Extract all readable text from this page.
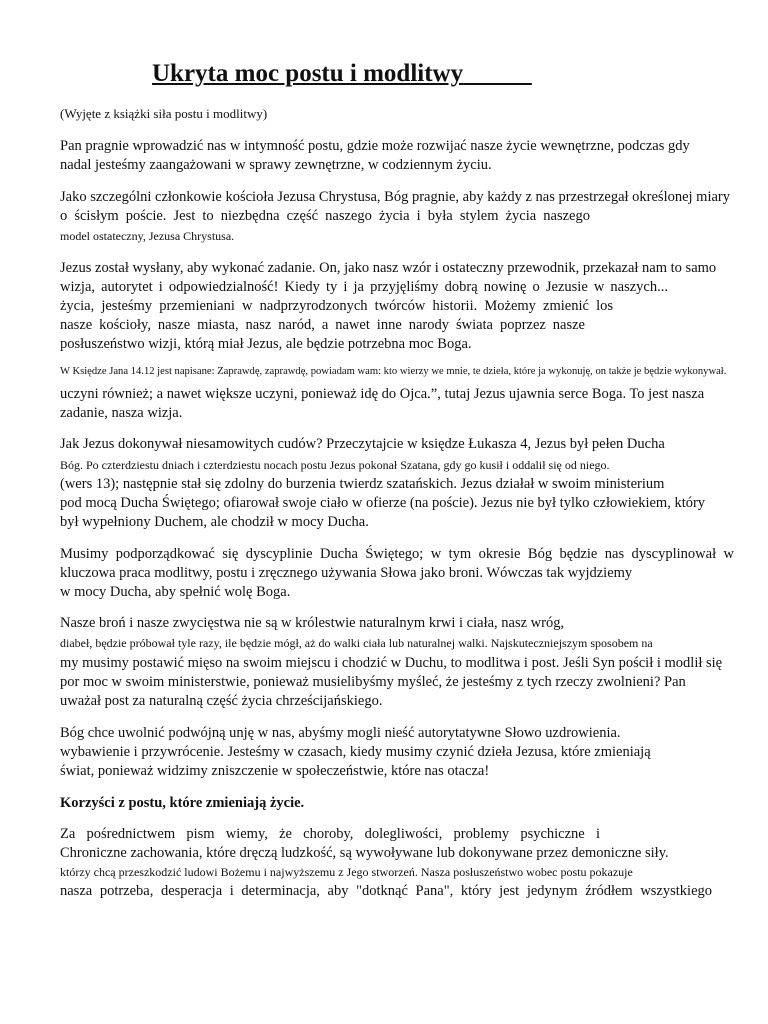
Ukryta moc postu i modlitwy

(Wyjęte z książki siła postu i modlitwy)

Pan pragnie wprowadzić nas w intymność postu, gdzie może rozwijać nasze życie wewnętrzne, podczas gdy

nadal jesteśmy zaangażowani w sprawy zewnętrzne, w codziennym życiu.

Jako szczególni członkowie kościoła Jezusa Chrystusa, Bóg pragnie, aby każdy z nas przestrzegał określonej miary

o ścisłym poście. Jest to niezbędna część naszego życia i była stylem życia naszego

model ostateczny, Jezusa Chrystusa.

Jezus został wysłany, aby wykonać zadanie. On, jako nasz wzór i ostateczny przewodnik, przekazał nam to samo

wizja, autorytet i odpowiedzialność! Kiedy ty i ja przyjęliśmy dobrą nowinę o Jezusie w naszych...

życia, jesteśmy przemieniani w nadprzyrodzonych twórców historii. Możemy zmienić los

nasze kościoły, nasze miasta, nasz naród, a nawet inne narody świata poprzez nasze

posłuszeństwo wizji, którą miał Jezus, ale będzie potrzebna moc Boga.

W Księdze Jana 14.12 jest napisane: Zaprawdę, zaprawdę, powiadam wam: kto wierzy we mnie, te dzieła, które ja wykonuję, on także je będzie wykonywał.

uczyni również; a nawet większe uczyni, ponieważ idę do Ojca.”, tutaj Jezus ujawnia serce Boga. To jest nasza

zadanie, nasza wizja.

Jak Jezus dokonywał niesamowitych cudów? Przeczytajcie w księdze Łukasza 4, Jezus był pełen Ducha

Bóg. Po czterdziestu dniach i czterdziestu nocach postu Jezus pokonał Szatana, gdy go kusił i oddalił się od niego.

(wers 13); następnie stał się zdolny do burzenia twierdz szatańskich. Jezus działał w swoim ministerium

pod mocą Ducha Świętego; ofiarował swoje ciało w ofierze (na poście). Jezus nie był tylko człowiekiem, który

był wypełniony Duchem, ale chodził w mocy Ducha.

Musimy podporządkować się dyscyplinie Ducha Świętego; w tym okresie Bóg będzie nas dyscyplinował w

kluczowa praca modlitwy, postu i zręcznego używania Słowa jako broni. Wówczas tak wyjdziemy

w mocy Ducha, aby spełnić wolę Boga.

Nasze broń i nasze zwycięstwa nie są w królestwie naturalnym krwi i ciała, nasz wróg,

diabeł, będzie próbował tyle razy, ile będzie mógł, aż do walki ciała lub naturalnej walki. Najskuteczniejszym sposobem na

my musimy postawić mięso na swoim miejscu i chodzić w Duchu, to modlitwa i post. Jeśli Syn pościł i modlił się

por moc w swoim ministerstwie, ponieważ musielibyśmy myśleć, że jesteśmy z tych rzeczy zwolnieni? Pan

uważał post za naturalną część życia chrześcijańskiego.

Bóg chce uwolnić podwójną unję w nas, abyśmy mogli nieść autorytatywne Słowo uzdrowienia.

wybawienie i przywrócenie. Jesteśmy w czasach, kiedy musimy czynić dzieła Jezusa, które zmieniają

świat, ponieważ widzimy zniszczenie w społeczeństwie, które nas otacza!

Korzyści z postu, które zmieniają życie.

Za pośrednictwem pism wiemy, że choroby, dolegliwości, problemy psychiczne i

Chroniczne zachowania, które dręczą ludzkość, są wywoływane lub dokonywane przez demoniczne siły.

którzy chcą przeszkodzić ludowi Bożemu i najwyższemu z Jego stworzeń. Nasza posłuszeństwo wobec postu pokazuje

nasza potrzeba, desperacja i determinacja, aby "dotknąć Pana", który jest jedynym źródłem wszystkiego
